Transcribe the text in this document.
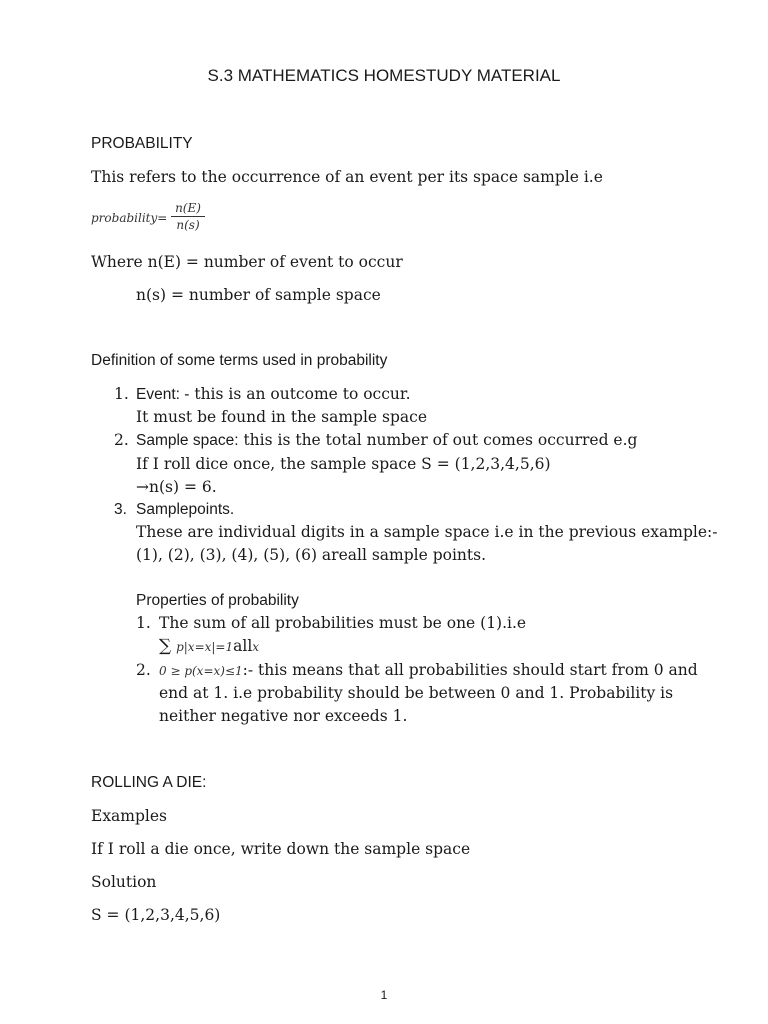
S.3 MATHEMATICS HOMESTUDY MATERIAL
PROBABILITY
This refers to the occurrence of an event per its space sample i.e
probability=
n(E)
n(s)
Where n(E) = number of event to occur
n(s) = number of sample space
Definition of some terms used in probability
1. Event: - this is an outcome to occur.
It must be found in the sample space
2. Sample space: this is the total number of out comes occurred e.g
If I roll dice once, the sample space S = (1,2,3,4,5,6)
→n(s) = 6.
3. Samplepoints.
These are individual digits in a sample space i.e in the previous example:-
(1), (2), (3), (4), (5), (6) areall sample points.
Properties of probability
1. The sum of all probabilities must be one (1).i.e
∑ p|x=x|=1allx
2. 0 ≥ p(x=x)≤1:- this means that all probabilities should start from 0 and
end at 1. i.e probability should be between 0 and 1. Probability is
neither negative nor exceeds 1.
ROLLING A DIE:
Examples
If I roll a die once, write down the sample space
Solution
S = (1,2,3,4,5,6)
1
